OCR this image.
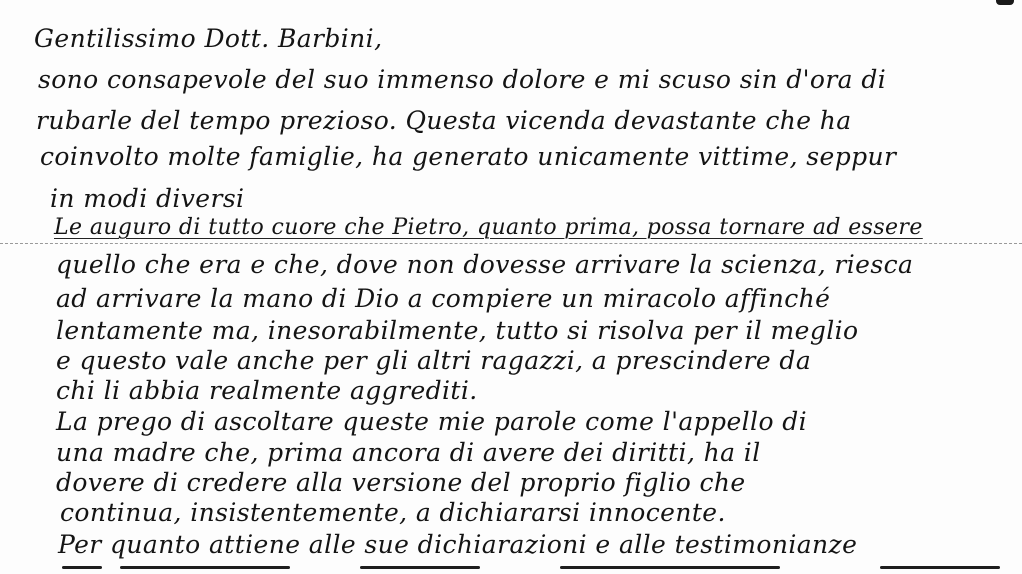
Gentilissimo Dott. Barbini,
sono consapevole del suo immenso dolore e mi scuso sin d'ora di
rubarle del tempo prezioso. Questa vicenda devastante che ha
coinvolto molte famiglie, ha generato unicamente vittime, seppur
in modi diversi
Le auguro di tutto cuore che Pietro, quanto prima, possa tornare ad essere
quello che era e che, dove non dovesse arrivare la scienza, riesca
ad arrivare la mano di Dio a compiere un miracolo affinché
lentamente ma, inesorabilmente, tutto si risolva per il meglio
e questo vale anche per gli altri ragazzi, a prescindere da
chi li abbia realmente aggrediti.
La prego di ascoltare queste mie parole come l'appello di
una madre che, prima ancora di avere dei diritti, ha il
dovere di credere alla versione del proprio figlio che
continua, insistentemente, a dichiararsi innocente.
Per quanto attiene alle sue dichiarazioni e alle testimonianze
